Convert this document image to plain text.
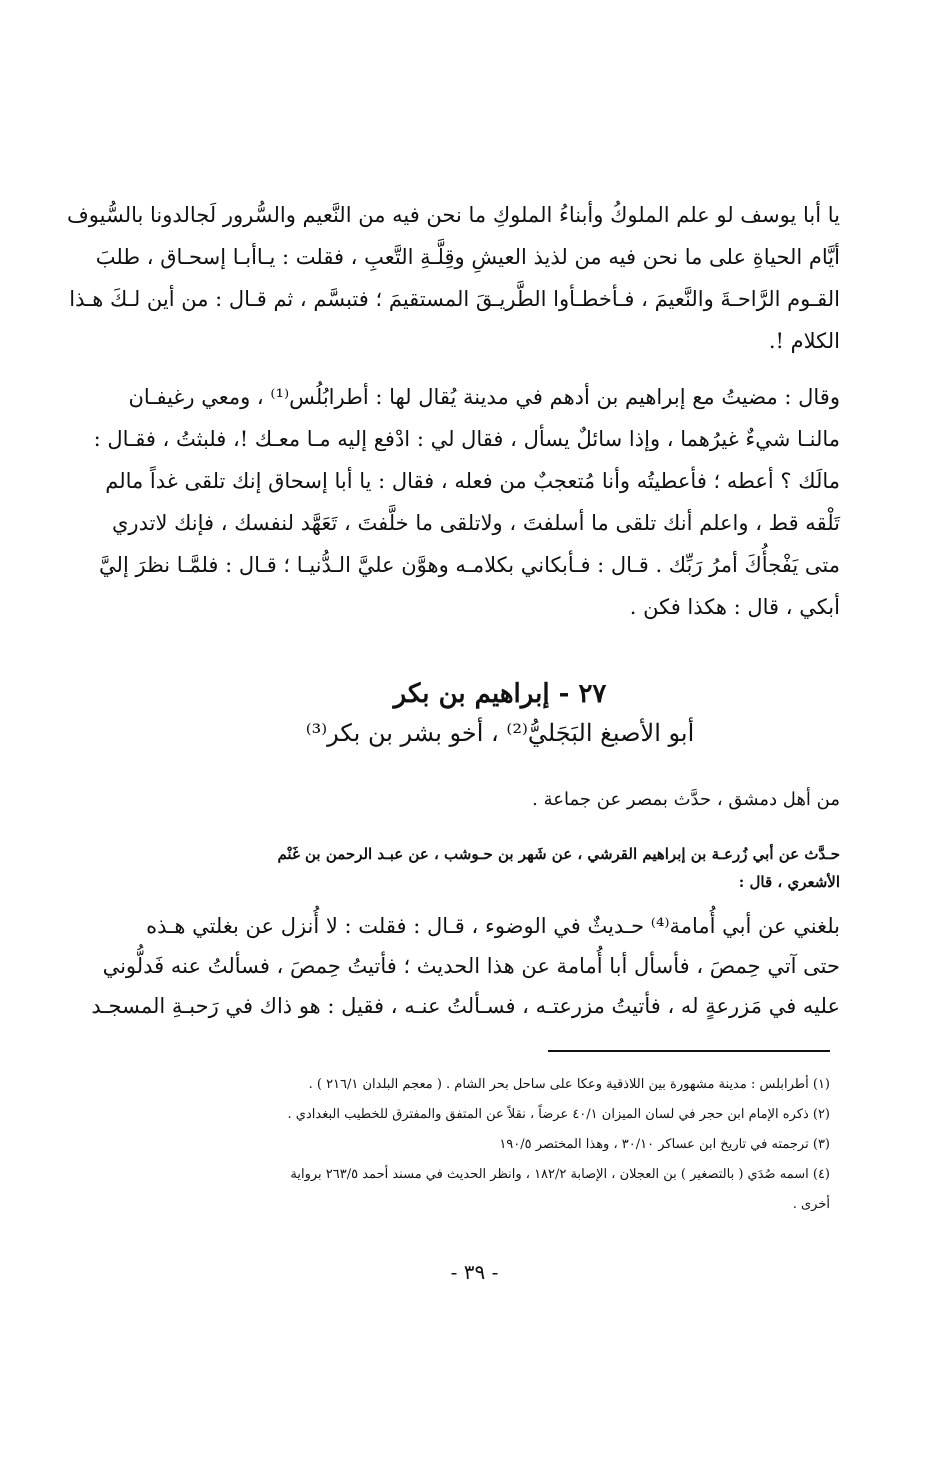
يا أبا يوسف لو علم الملوكُ وأبناءُ الملوكِ ما نحن فيه من النَّعيم والسُّرور لَجالدونا بالسُّيوف
أيَّام الحياةِ على ما نحن فيه من لذيذ العيشِ وقِلَّـةِ التَّعبِ ، فقلت : يـاأبـا إسحـاق ، طلبَ
القـوم الرَّاحـةَ والنَّعيمَ ، فـأخطـأوا الطَّريـقَ المستقيمَ ؛ فتبسَّم ، ثم قـال : من أين لـكَ هـذا
الكلام !.
وقال : مضيتُ مع إبراهيم بن أدهم في مدينة يُقال لها : أطرابُلُس⁽¹⁾ ، ومعي رغيفـان
مالنـا شيءٌ غيرُهما ، وإذا سائلٌ يسأل ، فقال لي : ادْفع إليه مـا معـك !، فلبثتُ ، فقـال :
مالَك ؟ أعطه ؛ فأعطيتُه وأنا مُتعجبٌ من فعله ، فقال : يا أبا إسحاق إنك تلقى غداً مالم
تَلْقه قط ، واعلم أنك تلقى ما أسلفتَ ، ولاتلقى ما خلَّفتَ ، تَعَهَّد لنفسك ، فإنك لاتدري
متى يَفْجأُكَ أمرُ رَبِّك . قـال : فـأبكاني بكلامـه وهوَّن عليَّ الـدُّنيـا ؛ قـال : فلمَّـا نظرَ إليَّ
أبكي ، قال : هكذا فكن .
٢٧ - إبراهيم بن بكر
أبو الأصبغ البَجَليُّ⁽²⁾ ، أخو بشر بن بكر⁽³⁾
من أهل دمشق ، حدَّث بمصر عن جماعة .
حـدَّث عن أبي زُرعـة بن إبراهيم القرشي ، عن شَهر بن حـوشب ، عن عبـد الرحمن بن غَنْم
الأشعري ، قال :
بلغني عن أبي أُمامة⁽⁴⁾ حـديثٌ في الوضوء ، قـال : فقلت : لا أُنزل عن بغلتي هـذه
حتى آتي حِمصَ ، فأسأل أبا أُمامة عن هذا الحديث ؛ فأتيتُ حِمصَ ، فسألتُ عنه فَدلُّوني
عليه في مَزرعةٍ له ، فأتيتُ مزرعتـه ، فسـألتُ عنـه ، فقيل : هو ذاك في رَحبـةِ المسجـد
(١) أطرابلس : مدينة مشهورة بين اللاذقية وعكا على ساحل بحر الشام . ( معجم البلدان ٢١٦/١ ) .
(٢) ذكره الإمام ابن حجر في لسان الميزان ٤٠/١ عرضاً ، نقلاً عن المتفق والمفترق للخطيب البغدادي .
(٣) ترجمته في تاريخ ابن عساكر ٣٠/١٠ ، وهذا المختصر ١٩٠/٥
(٤) اسمه صُدَي ( بالتصغير ) بن العجلان ، الإصابة ١٨٢/٢ ، وانظر الحديث في مسند أحمد ٢٦٣/٥ برواية
أخرى .
- ٣٩ -
